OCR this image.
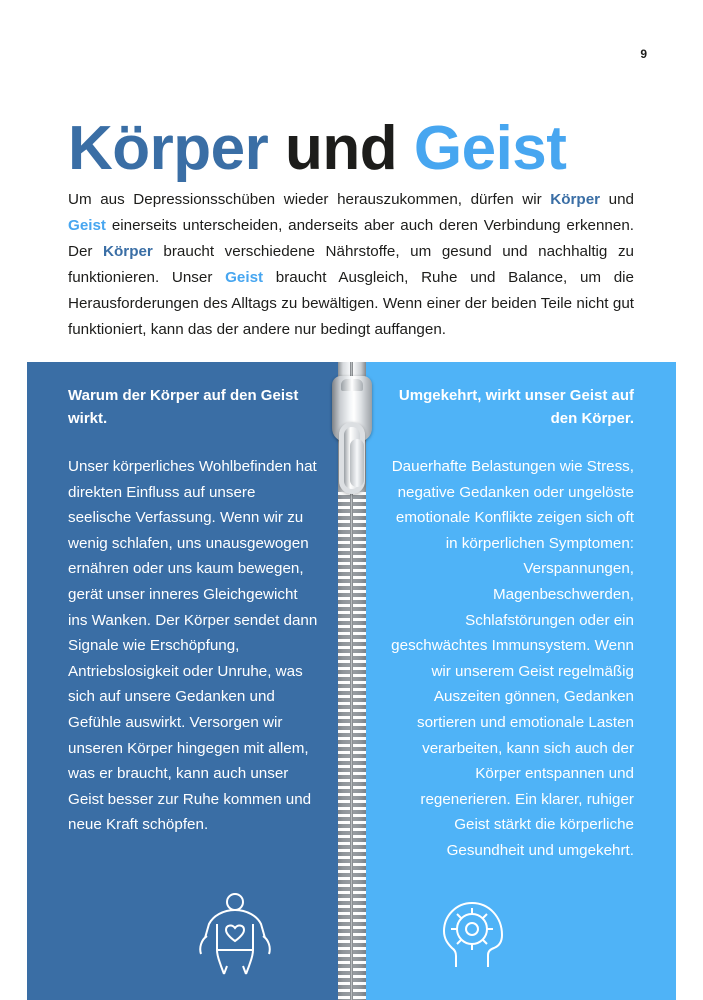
9
Körper und Geist

Um aus Depressionsschüben wieder herauszukommen, dürfen wir Körper und Geist einerseits unterscheiden, anderseits aber auch deren Verbindung erkennen. Der Körper braucht verschiedene Nährstoffe, um gesund und nachhaltig zu funktionieren. Unser Geist braucht Ausgleich, Ruhe und Balance, um die Herausforderungen des Alltags zu bewältigen. Wenn einer der beiden Teile nicht gut funktioniert, kann das der andere nur bedingt auffangen.

Warum der Körper auf den Geist wirkt.
Unser körperliches Wohlbefinden hat direkten Einfluss auf unsere seelische Verfassung. Wenn wir zu wenig schlafen, uns unausgewogen ernähren oder uns kaum bewegen, gerät unser inneres Gleichgewicht ins Wanken. Der Körper sendet dann Signale wie Erschöpfung, Antriebslosigkeit oder Unruhe, was sich auf unsere Gedanken und Gefühle auswirkt. Versorgen wir unseren Körper hingegen mit allem, was er braucht, kann auch unser Geist besser zur Ruhe kommen und neue Kraft schöpfen.
Umgekehrt, wirkt unser Geist auf den Körper.
Dauerhafte Belastungen wie Stress, negative Gedanken oder ungelöste emotionale Konflikte zeigen sich oft in körperlichen Symptomen: Verspannungen, Magenbeschwerden, Schlafstörungen oder ein geschwächtes Immunsystem. Wenn wir unserem Geist regelmäßig Auszeiten gönnen, Gedanken sortieren und emotionale Lasten verarbeiten, kann sich auch der Körper entspannen und regenerieren. Ein klarer, ruhiger Geist stärkt die körperliche Gesundheit und umgekehrt.
